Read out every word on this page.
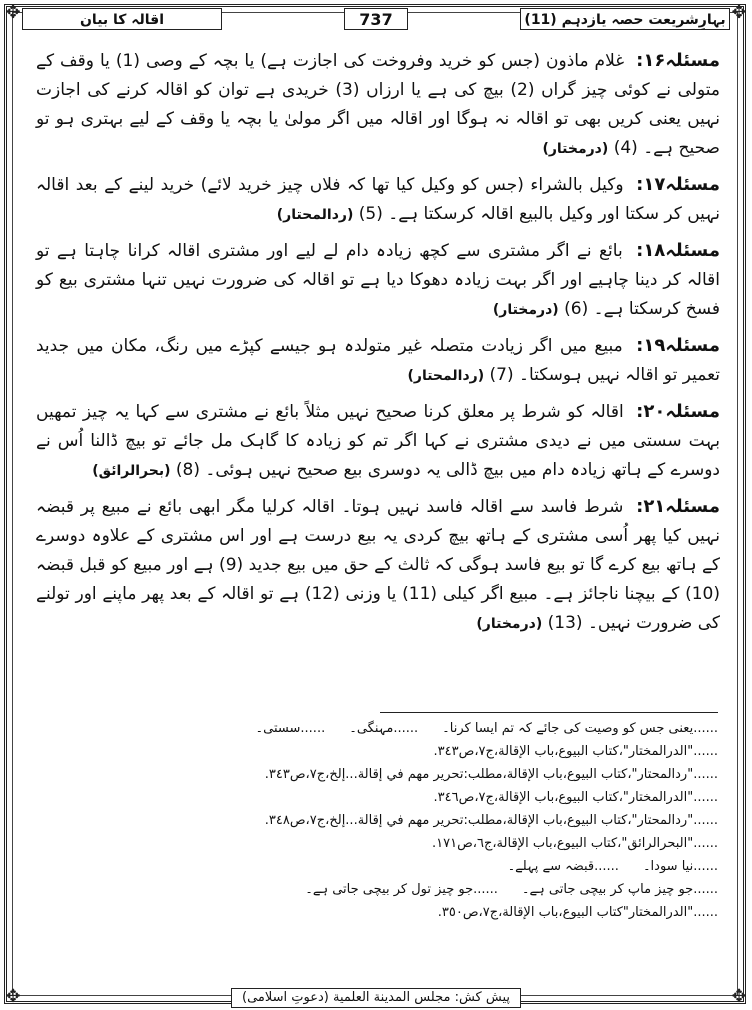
✥	✥
✥	✥
بہارِشریعت حصہ یازدہم (11)
737
اقالہ کا بیان

مسئلہ۱۶: غلام ماذون (جس کو خرید وفروخت کی اجازت ہے) یا بچہ کے وصی (1) یا وقف کے متولی نے کوئی چیز گراں (2) بیچ کی ہے یا ارزاں (3) خریدی ہے توان کو اقالہ کرنے کی اجازت نہیں یعنی کریں بھی تو اقالہ نہ ہوگا اور اقالہ میں اگر مولیٰ یا بچہ یا وقف کے لیے بہتری ہو تو صحیح ہے۔ (4) (درمختار)

مسئلہ۱۷: وکیل بالشراء (جس کو وکیل کیا تھا کہ فلاں چیز خرید لائے) خرید لینے کے بعد اقالہ نہیں کر سکتا اور وکیل بالبیع اقالہ کرسکتا ہے۔ (5) (ردالمحتار)

مسئلہ۱۸: بائع نے اگر مشتری سے کچھ زیادہ دام لے لیے اور مشتری اقالہ کرانا چاہتا ہے تو اقالہ کر دینا چاہیے اور اگر بہت زیادہ دھوکا دیا ہے تو اقالہ کی ضرورت نہیں تنہا مشتری بیع کو فسخ کرسکتا ہے۔ (6) (درمختار)

مسئلہ۱۹: مبیع میں اگر زیادت متصلہ غیر متولدہ ہو جیسے کپڑے میں رنگ، مکان میں جدید تعمیر تو اقالہ نہیں ہوسکتا۔ (7) (ردالمحتار)

مسئلہ۲۰: اقالہ کو شرط پر معلق کرنا صحیح نہیں مثلاً بائع نے مشتری سے کہا یہ چیز تمھیں بہت سستی میں نے دیدی مشتری نے کہا اگر تم کو زیادہ کا گاہک مل جائے تو بیچ ڈالنا اُس نے دوسرے کے ہاتھ زیادہ دام میں بیچ ڈالی یہ دوسری بیع صحیح نہیں ہوئی۔ (8) (بحرالرائق)

مسئلہ۲۱: شرط فاسد سے اقالہ فاسد نہیں ہوتا۔ اقالہ کرلیا مگر ابھی بائع نے مبیع پر قبضہ نہیں کیا پھر اُسی مشتری کے ہاتھ بیچ کردی یہ بیع درست ہے اور اس مشتری کے علاوہ دوسرے کے ہاتھ بیع کرے گا تو بیع فاسد ہوگی کہ ثالث کے حق میں بیع جدید (9) ہے اور مبیع کو قبل قبضہ (10) کے بیچنا ناجائز ہے۔ مبیع اگر کیلی (11) یا وزنی (12) ہے تو اقالہ کے بعد پھر ماپنے اور تولنے کی ضرورت نہیں۔ (13) (درمختار)

......یعنی جس کو وصیت کی جائے کہ تم ایسا کرنا۔
......مہنگی۔
......سستی۔
......"الدرالمختار"،كتاب البيوع،باب الإقالة،ج٧،ص٣٤٣.
......"ردالمحتار"،كتاب البيوع،باب الإقالة،مطلب:تحرير مهم في إقالة...إلخ،ج٧،ص٣٤٣.
......"الدرالمختار"،كتاب البيوع،باب الإقالة،ج٧،ص٣٤٦.
......"ردالمحتار"،كتاب البيوع،باب الإقالة،مطلب:تحرير مهم في إقالة...إلخ،ج٧،ص٣٤٨.
......"البحرالرائق"،كتاب البيوع،باب الإقالة،ج٦،ص١٧١.
......نیا سودا۔
......قبضہ سے پہلے۔
......جو چیز ماپ کر بیچی جاتی ہے۔
......جو چیز تول کر بیچی جاتی ہے۔
......"الدرالمختار"كتاب البيوع،باب الإقالة،ج٧،ص٣٥٠.
پیش کش: مجلس المدینة العلمیة (دعوتِ اسلامی)
